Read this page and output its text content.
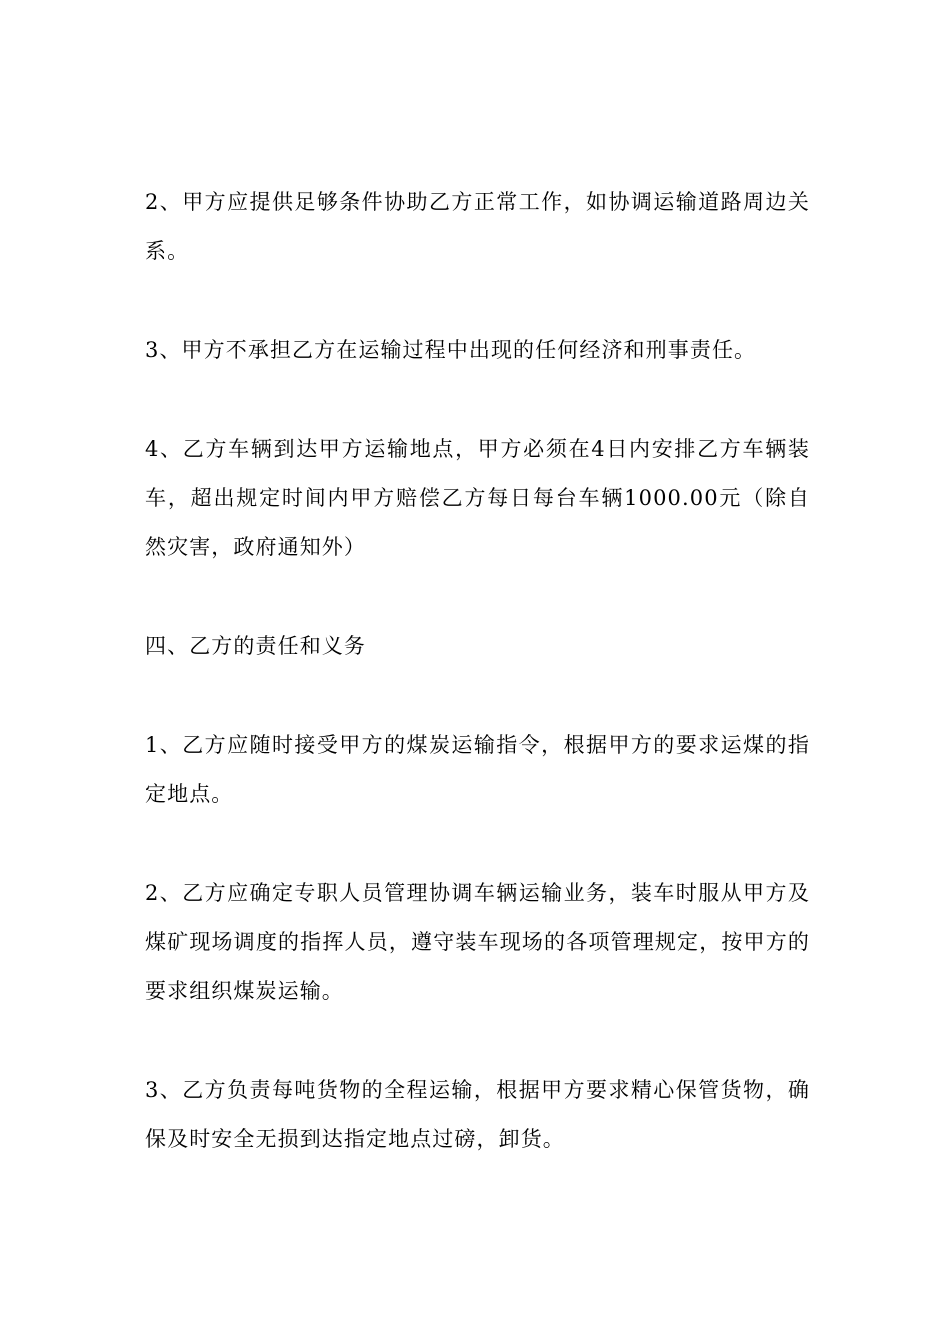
2、甲方应提供足够条件协助乙方正常工作，如协调运输道路周边关系。

3、甲方不承担乙方在运输过程中出现的任何经济和刑事责任。

4、乙方车辆到达甲方运输地点，甲方必须在4日内安排乙方车辆装车，超出规定时间内甲方赔偿乙方每日每台车辆1000.00元（除自然灾害，政府通知外）

四、乙方的责任和义务

1、乙方应随时接受甲方的煤炭运输指令，根据甲方的要求运煤的指定地点。

2、乙方应确定专职人员管理协调车辆运输业务，装车时服从甲方及煤矿现场调度的指挥人员，遵守装车现场的各项管理规定，按甲方的要求组织煤炭运输。

3、乙方负责每吨货物的全程运输，根据甲方要求精心保管货物，确保及时安全无损到达指定地点过磅，卸货。
